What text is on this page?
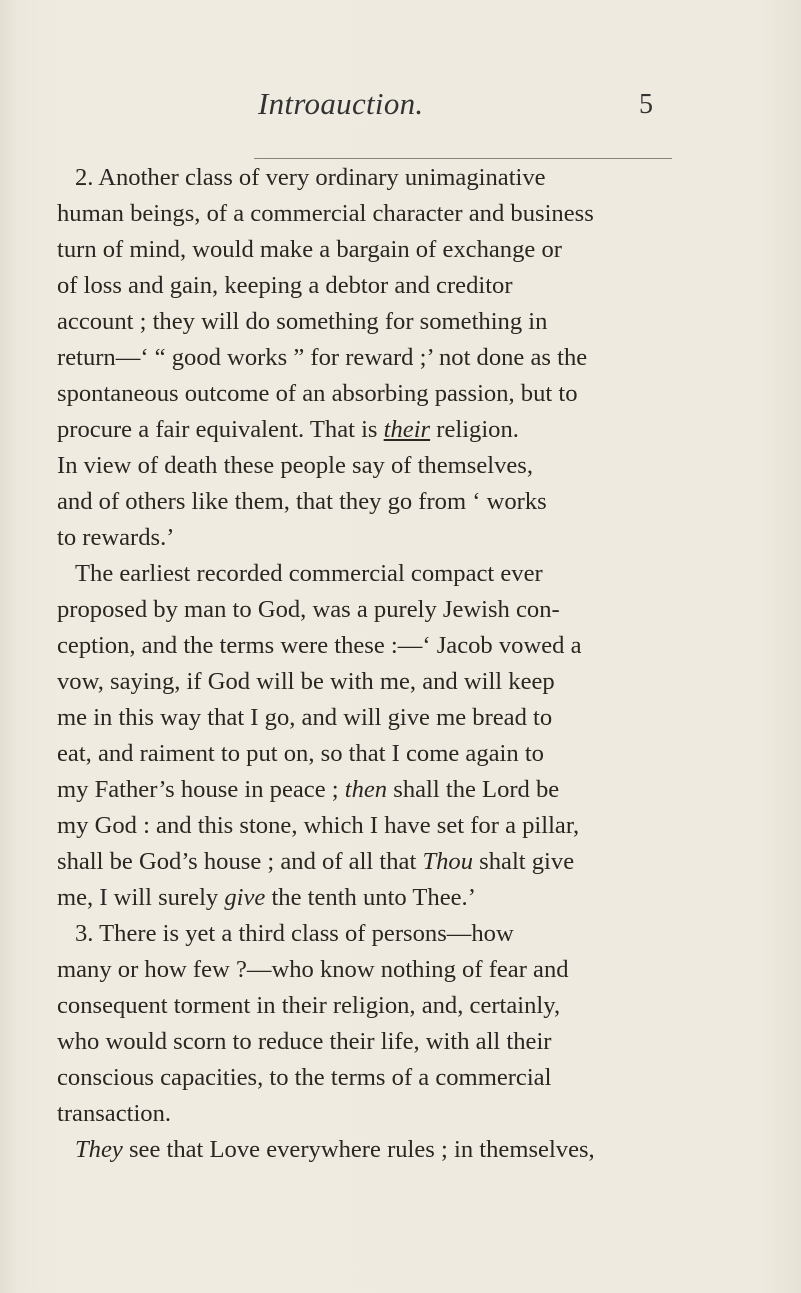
Introauction.	5
2. Another class of very ordinary unimaginative
human beings, of a commercial character and business
turn of mind, would make a bargain of exchange or
of loss and gain, keeping a debtor and creditor
account ; they will do something for something in
return—‘ “ good works ” for reward ;’ not done as the
spontaneous outcome of an absorbing passion, but to
procure a fair equivalent. That is their religion.
In view of death these people say of themselves,
and of others like them, that they go from ‘ works
to rewards.’
The earliest recorded commercial compact ever
proposed by man to God, was a purely Jewish con-
ception, and the terms were these :—‘ Jacob vowed a
vow, saying, if God will be with me, and will keep
me in this way that I go, and will give me bread to
eat, and raiment to put on, so that I come again to
my Father’s house in peace ; then shall the Lord be
my God : and this stone, which I have set for a pillar,
shall be God’s house ; and of all that Thou shalt give
me, I will surely give the tenth unto Thee.’
3. There is yet a third class of persons—how
many or how few ?—who know nothing of fear and
consequent torment in their religion, and, certainly,
who would scorn to reduce their life, with all their
conscious capacities, to the terms of a commercial
transaction.
They see that Love everywhere rules ; in themselves,
